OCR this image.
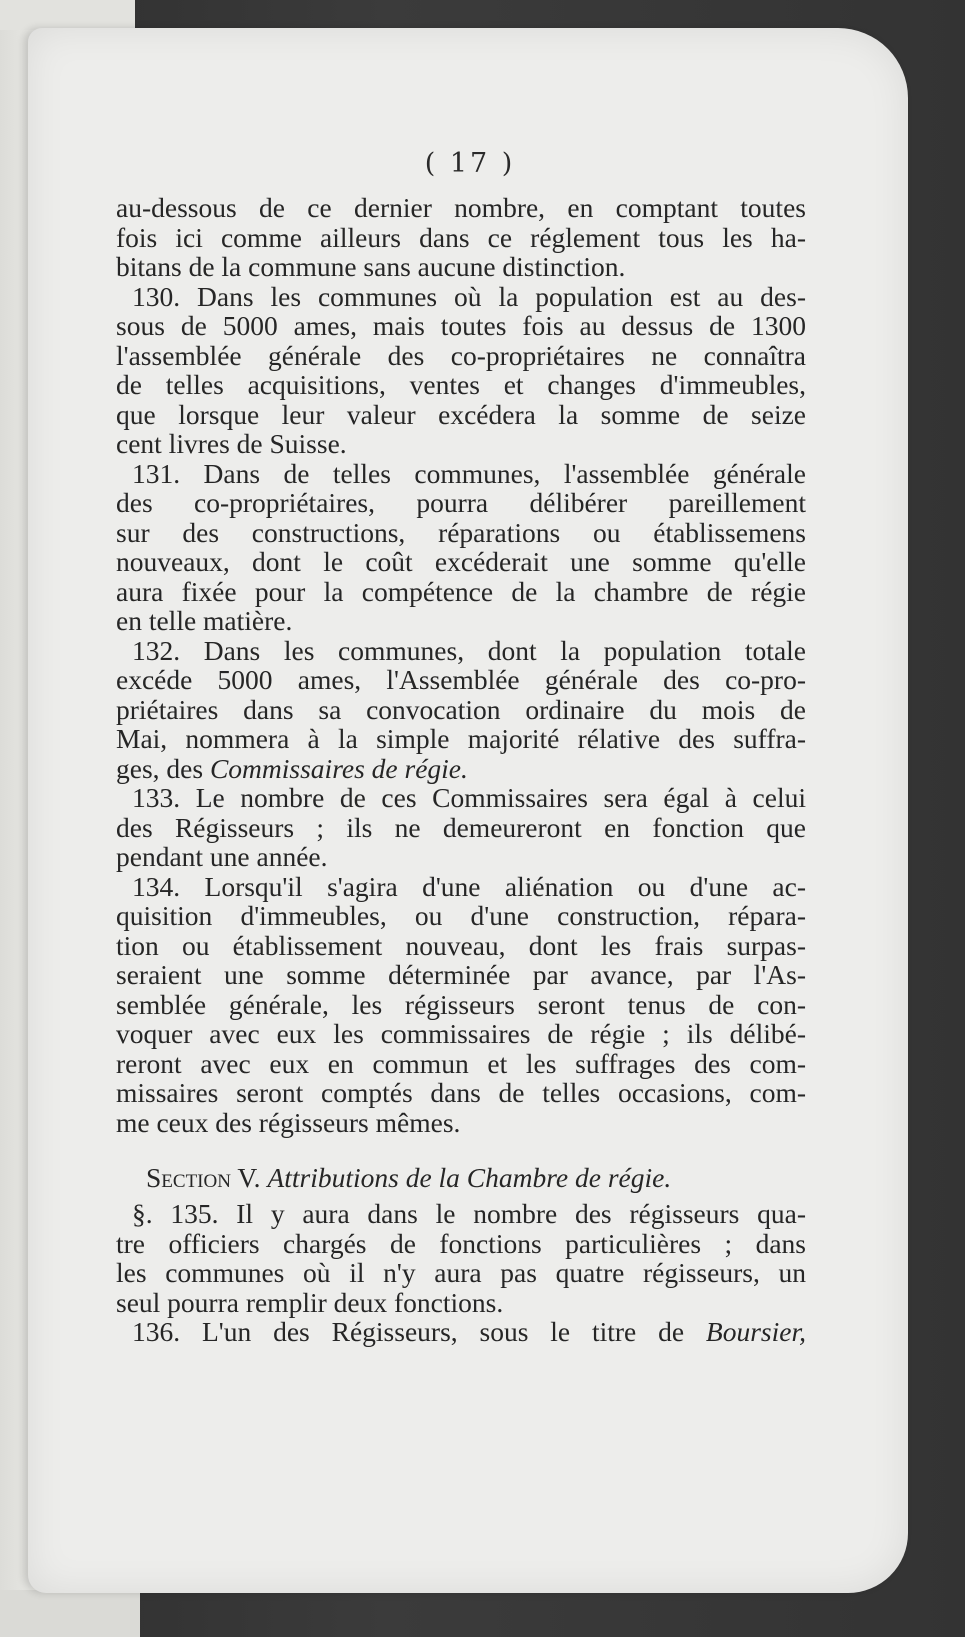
( 17 )
au-dessous de ce dernier nombre, en comptant toutes
fois ici comme ailleurs dans ce réglement tous les ha-
bitans de la commune sans aucune distinction.
130. Dans les communes où la population est au des-
sous de 5000 ames, mais toutes fois au dessus de 1300
l'assemblée générale des co-propriétaires ne connaîtra
de telles acquisitions, ventes et changes d'immeubles,
que lorsque leur valeur excédera la somme de seize
cent livres de Suisse.
131. Dans de telles communes, l'assemblée générale
des co-propriétaires, pourra délibérer pareillement
sur des constructions, réparations ou établissemens
nouveaux, dont le coût excéderait une somme qu'elle
aura fixée pour la compétence de la chambre de régie
en telle matière.
132. Dans les communes, dont la population totale
excéde 5000 ames, l'Assemblée générale des co-pro-
priétaires dans sa convocation ordinaire du mois de
Mai, nommera à la simple majorité rélative des suffra-
ges, des Commissaires de régie.
133. Le nombre de ces Commissaires sera égal à celui
des Régisseurs ; ils ne demeureront en fonction que
pendant une année.
134. Lorsqu'il s'agira d'une aliénation ou d'une ac-
quisition d'immeubles, ou d'une construction, répara-
tion ou établissement nouveau, dont les frais surpas-
seraient une somme déterminée par avance, par l'As-
semblée générale, les régisseurs seront tenus de con-
voquer avec eux les commissaires de régie ; ils délibé-
reront avec eux en commun et les suffrages des com-
missaires seront comptés dans de telles occasions, com-
me ceux des régisseurs mêmes.
Section V. Attributions de la Chambre de régie.
§. 135. Il y aura dans le nombre des régisseurs qua-
tre officiers chargés de fonctions particulières ; dans
les communes où il n'y aura pas quatre régisseurs, un
seul pourra remplir deux fonctions.
136. L'un des Régisseurs, sous le titre de Boursier,
